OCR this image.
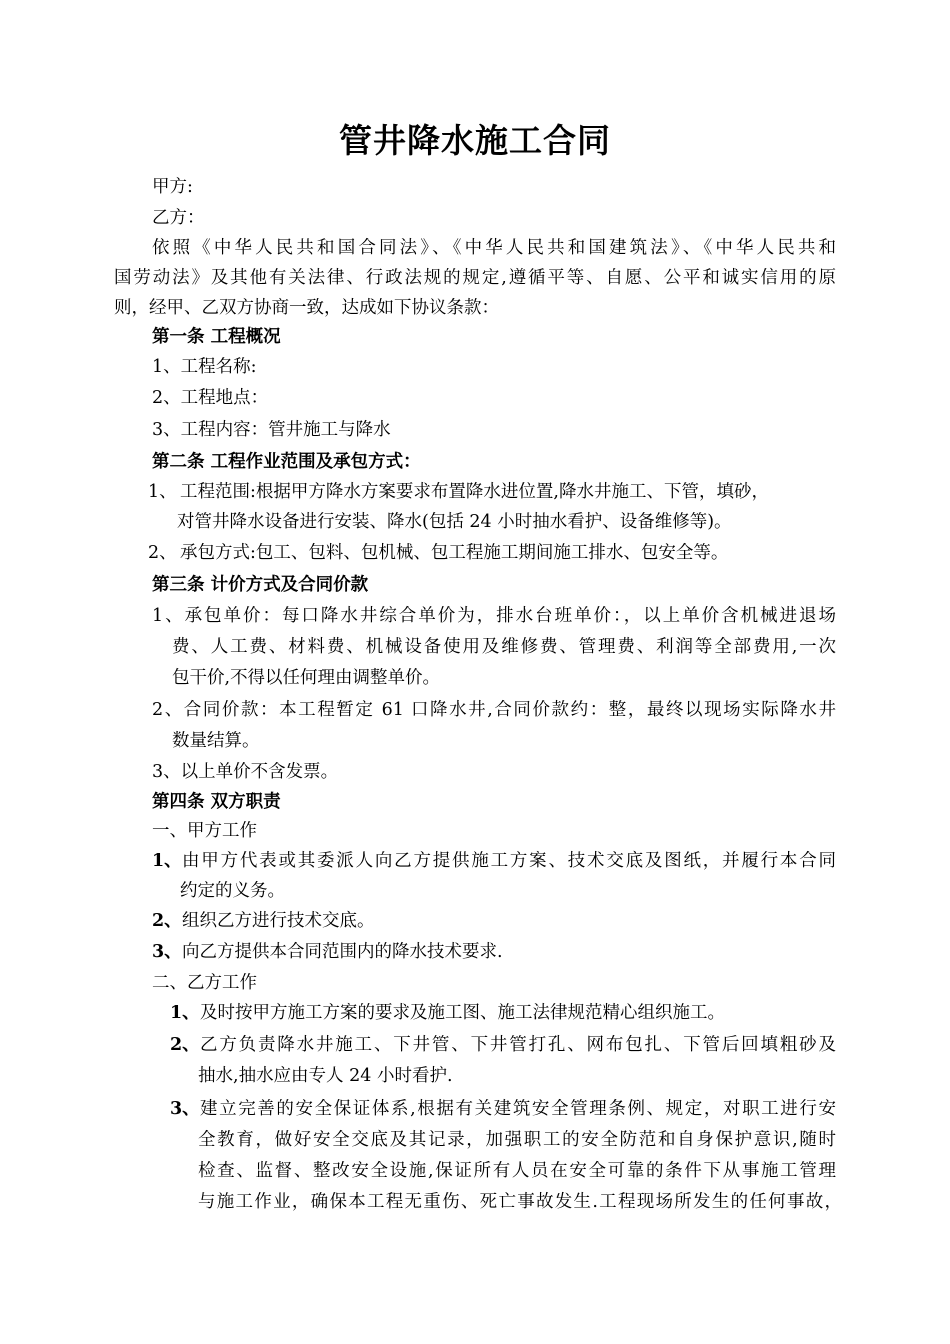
管井降水施工合同
甲方:
乙方：
依照《中华人民共和国合同法》、《中华人民共和国建筑法》、《中华人民共和
国劳动法》及其他有关法律、行政法规的规定,遵循平等、自愿、公平和诚实信用的原
则，经甲、乙双方协商一致，达成如下协议条款：
第一条 工程概况
1、工程名称:
2、工程地点：
3、工程内容：管井施工与降水
第二条 工程作业范围及承包方式：
1、 工程范围:根据甲方降水方案要求布置降水进位置,降水井施工、下管，填砂，
对管井降水设备进行安装、降水(包括 24 小时抽水看护、设备维修等)。
2、 承包方式:包工、包料、包机械、包工程施工期间施工排水、包安全等。
第三条 计价方式及合同价款
1、承包单价：每口降水井综合单价为，排水台班单价：，以上单价含机械进退场
费、人工费、材料费、机械设备使用及维修费、管理费、利润等全部费用,一次
包干价,不得以任何理由调整单价。
2、合同价款：本工程暂定 61 口降水井,合同价款约：整，最终以现场实际降水井
数量结算。
3、以上单价不含发票。
第四条 双方职责
一、甲方工作
1、 由甲方代表或其委派人向乙方提供施工方案、技术交底及图纸，并履行本合同
约定的义务。
2、 组织乙方进行技术交底。
3、 向乙方提供本合同范围内的降水技术要求.
二、乙方工作
1、 及时按甲方施工方案的要求及施工图、施工法律规范精心组织施工。
2、 乙方负责降水井施工、下井管、下井管打孔、网布包扎、下管后回填粗砂及
抽水,抽水应由专人 24 小时看护.
3、 建立完善的安全保证体系,根据有关建筑安全管理条例、规定，对职工进行安
全教育，做好安全交底及其记录，加强职工的安全防范和自身保护意识,随时
检查、监督、整改安全设施,保证所有人员在安全可靠的条件下从事施工管理
与施工作业，确保本工程无重伤、死亡事故发生.工程现场所发生的任何事故，
